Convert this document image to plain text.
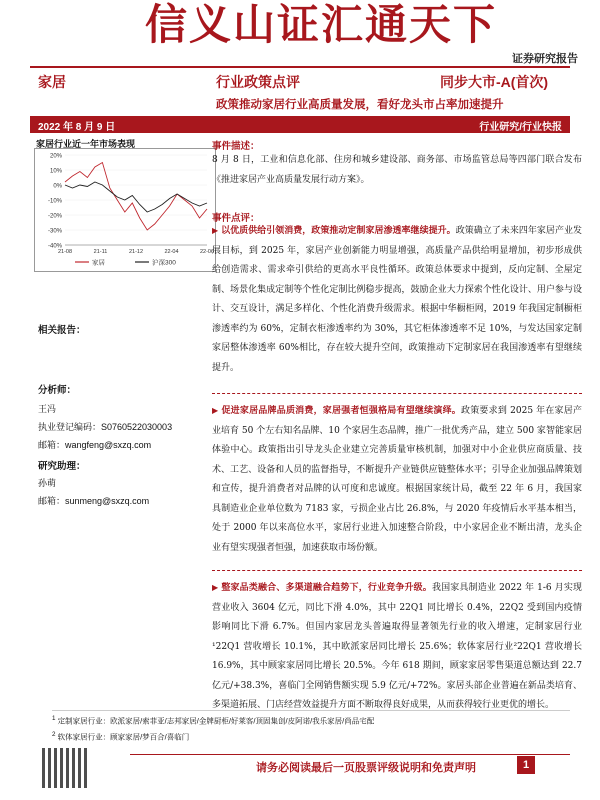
信义山证汇通天下
证券研究报告
家居	行业政策点评	同步大市-A(首次)
政策推动家居行业高质量发展，看好龙头市占率加速提升
2022 年 8 月 9 日	行业研究/行业快报
家居行业近一年市场表现
20%
10%
0%
-10%
-20%
-30%
-40%
21-08	21-11	21-12	22-04	22-06
家居	沪深300
相关报告：
分析师：
王冯
执业登记编码：S0760522030003
邮箱：wangfeng@sxzq.com
研究助理：
孙萌
邮箱：sunmeng@sxzq.com
事件描述：
8 月 8 日，工业和信息化部、住房和城乡建设部、商务部、市场监管总局等四部门联合发布《推进家居产业高质量发展行动方案》。
事件点评：
▶ 以优质供给引领消费，政策推动定制家居渗透率继续提升。政策确立了未来四年家居产业发展目标，到 2025 年，家居产业创新能力明显增强，高质量产品供给明显增加，初步形成供给创造需求、需求牵引供给的更高水平良性循环。政策总体要求中提到，反向定制、全屋定制、场景化集成定制等个性化定制比例稳步提高，鼓励企业大力探索个性化设计、用户参与设计、交互设计，满足多样化、个性化消费升级需求。根据中华橱柜网，2019 年我国定制橱柜渗透率约为 60%，定制衣柜渗透率约为 30%，其它柜体渗透率不足 10%，与发达国家定制家居整体渗透率 60%相比，存在较大提升空间，政策推动下定制家居在我国渗透率有望继续提升。
▶ 促进家居品牌品质消费，家居强者恒强格局有望继续演绎。政策要求到 2025 年在家居产业培育 50 个左右知名品牌、10 个家居生态品牌，推广一批优秀产品，建立 500 家智能家居体验中心。政策指出引导龙头企业建立完善质量审核机制，加强对中小企业供应商质量、技术、工艺、设备和人员的监督指导，不断提升产业链供应链整体水平；引导企业加强品牌策划和宣传，提升消费者对品牌的认可度和忠诚度。根据国家统计局，截至 22 年 6 月，我国家具制造业企业单位数为 7183 家，亏损企业占比 26.8%，与 2020 年疫情后水平基本相当，处于 2000 年以来高位水平，家居行业进入加速整合阶段，中小家居企业不断出清，龙头企业有望实现强者恒强，加速获取市场份额。
▶ 整家品类融合、多渠道融合趋势下，行业竞争升级。我国家具制造业 2022 年 1-6 月实现营业收入 3604 亿元，同比下滑 4.0%，其中 22Q1 同比增长 0.4%，22Q2 受到国内疫情影响同比下滑 6.7%。但国内家居龙头普遍取得显著领先行业的收入增速，定制家居行业¹22Q1 营收增长 10.1%，其中欧派家居同比增长 25.6%；软体家居行业²22Q1 营收增长 16.9%，其中顾家家居同比增长 20.5%。今年 618 期间，顾家家居零售渠道总额达到 22.7 亿元/+38.3%，喜临门全网销售额实现 5.9 亿元/+72%。家居头部企业普遍在新品类培育、多渠道拓展、门店经营效益提升方面不断取得良好成果，从而获得较行业更优的增长。
$^1$ 定制家居行业：欧派家居/索菲亚/志邦家居/金牌厨柜/好莱客/顶固集创/皮阿诺/我乐家居/尚品宅配
$^2$ 软体家居行业：顾家家居/梦百合/喜临门
请务必阅读最后一页股票评级说明和免责声明	1
